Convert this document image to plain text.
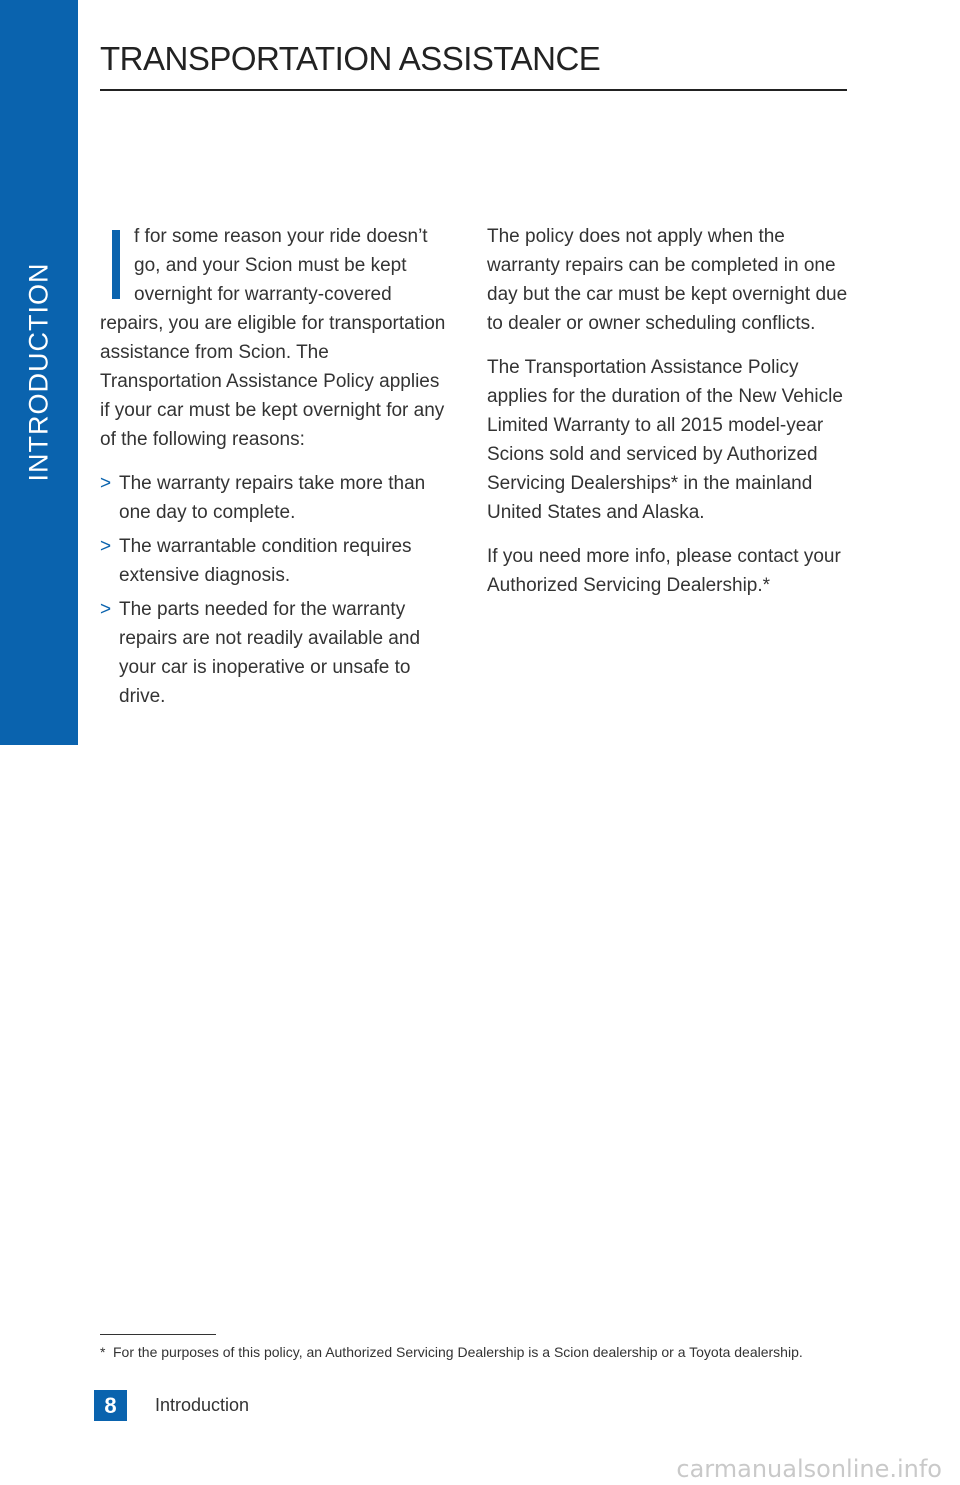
INTRODUCTION
TRANSPORTATION ASSISTANCE

f for some reason your ride doesn’t go, and your Scion must be kept overnight for warranty-covered repairs, you are eligible for transportation assistance from Scion. The Transportation Assistance Policy applies if your car must be kept overnight for any of the following reasons:

> The warranty repairs take more than one day to complete.
> The warrantable condition requires extensive diagnosis.
> The parts needed for the warranty repairs are not readily available and your car is inoperative or unsafe to drive.

The policy does not apply when the warranty repairs can be completed in one day but the car must be kept overnight due to dealer or owner scheduling conflicts.

The Transportation Assistance Policy applies for the duration of the New Vehicle Limited Warranty to all 2015 model-year Scions sold and serviced by Authorized Servicing Dealerships* in the mainland United States and Alaska.

If you need more info, please contact your Authorized Servicing Dealership.*

* For the purposes of this policy, an Authorized Servicing Dealership is a Scion dealership or a Toyota dealership.
8	Introduction
carmanualsonline.info
